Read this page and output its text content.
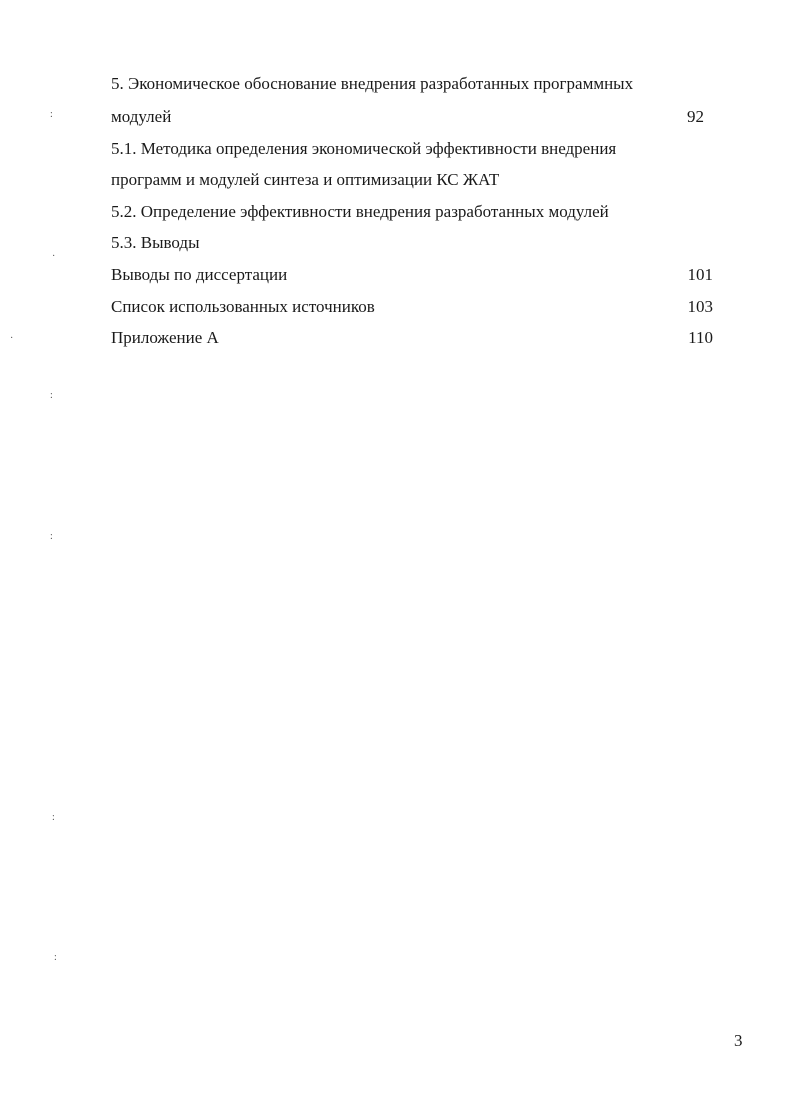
5. Экономическое обоснование внедрения разработанных программных
модулей	92
5.1. Методика определения экономической эффективности внедрения
программ и модулей синтеза и оптимизации КС ЖАТ
5.2. Определение эффективности внедрения разработанных модулей
5.3. Выводы
Выводы по диссертации	101
Список использованных источников	103
Приложение А	110
3
:
·
·
:
:
:
:
